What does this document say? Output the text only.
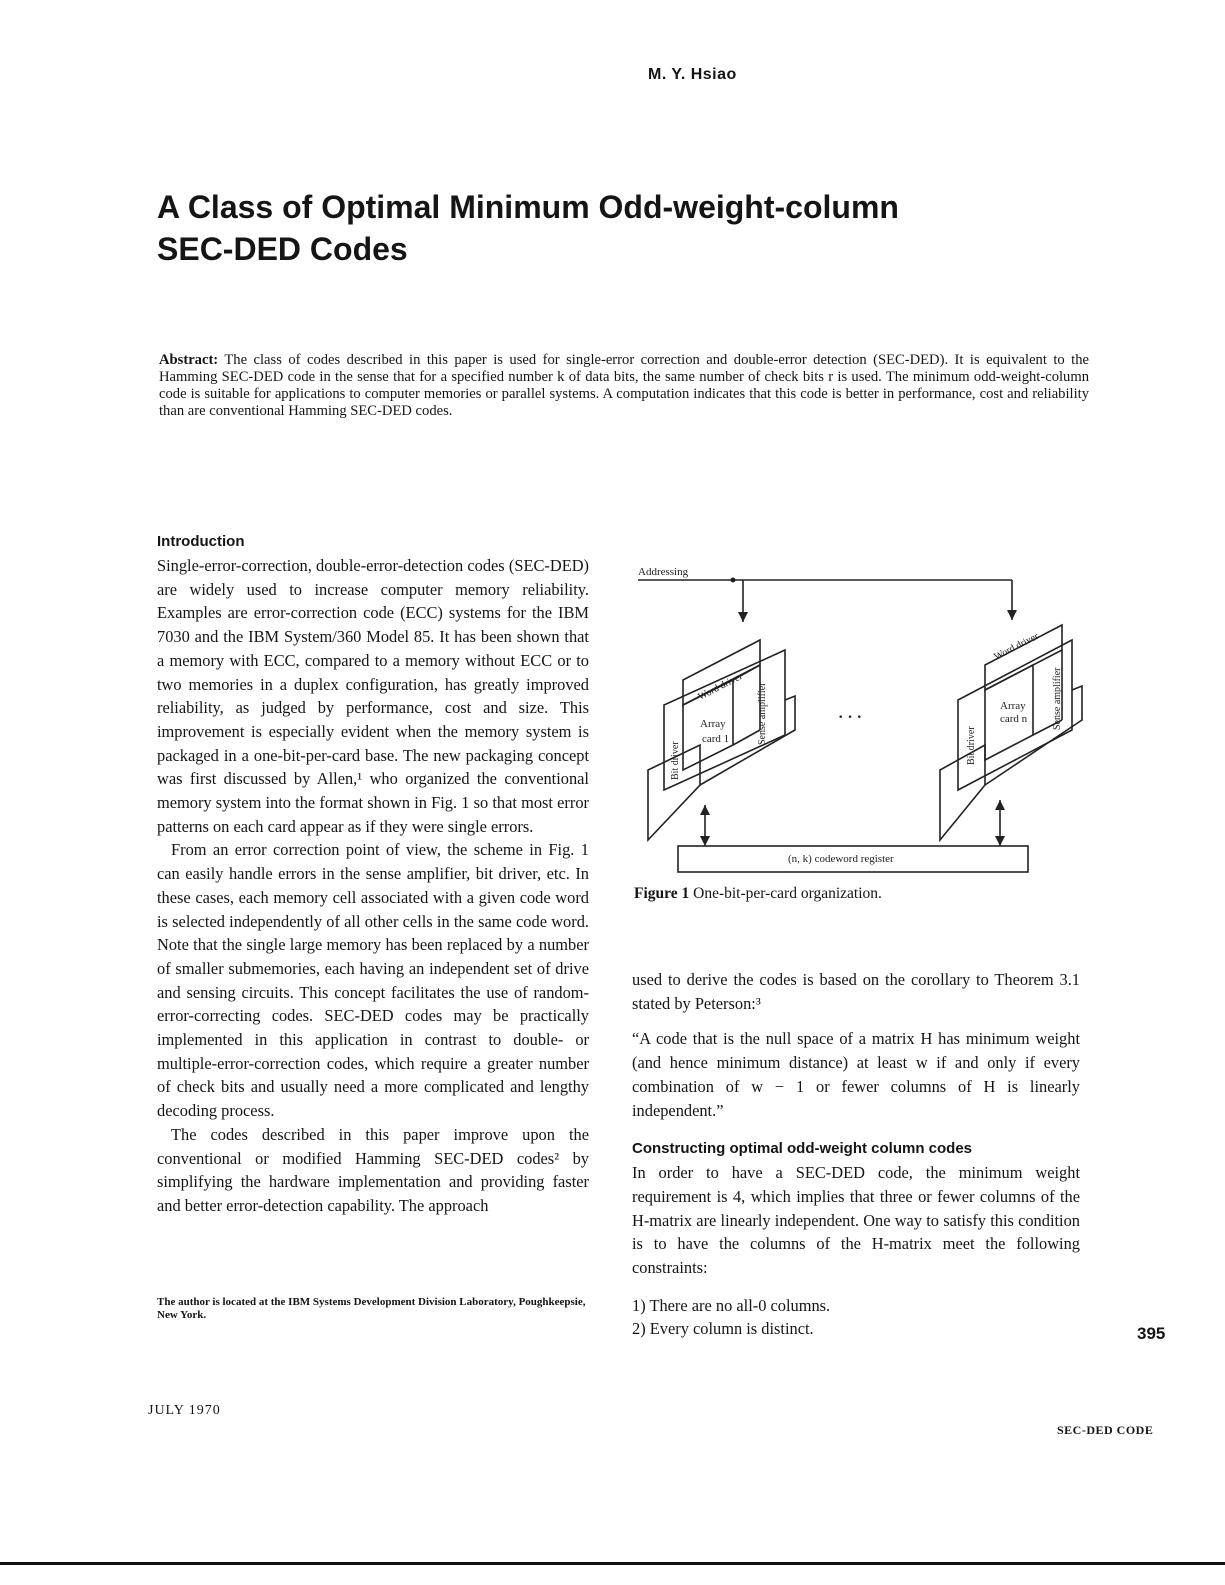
M. Y. Hsiao
A Class of Optimal Minimum Odd-weight-column
SEC-DED Codes
Abstract: The class of codes described in this paper is used for single-error correction and double-error detection (SEC-DED). It is equivalent to the Hamming SEC-DED code in the sense that for a specified number k of data bits, the same number of check bits r is used. The minimum odd-weight-column code is suitable for applications to computer memories or parallel systems. A computation indicates that this code is better in performance, cost and reliability than are conventional Hamming SEC-DED codes.
Introduction

Single-error-correction, double-error-detection codes (SEC-DED) are widely used to increase computer memory reliability. Examples are error-correction code (ECC) systems for the IBM 7030 and the IBM System/360 Model 85. It has been shown that a memory with ECC, compared to a memory without ECC or to two memories in a duplex configuration, has greatly improved reliability, as judged by performance, cost and size. This improvement is especially evident when the memory system is packaged in a one-bit-per-card base. The new packaging concept was first discussed by Allen,¹ who organized the conventional memory system into the format shown in Fig. 1 so that most error patterns on each card appear as if they were single errors.

From an error correction point of view, the scheme in Fig. 1 can easily handle errors in the sense amplifier, bit driver, etc. In these cases, each memory cell associated with a given code word is selected independently of all other cells in the same code word. Note that the single large memory has been replaced by a number of smaller submemories, each having an independent set of drive and sensing circuits. This concept facilitates the use of random-error-correcting codes. SEC-DED codes may be practically implemented in this application in contrast to double- or multiple-error-correction codes, which require a greater number of check bits and usually need a more complicated and lengthy decoding process.

The codes described in this paper improve upon the conventional or modified Hamming SEC-DED codes² by simplifying the hardware implementation and providing faster and better error-detection capability. The approach

The author is located at the IBM Systems Development Division Laboratory, Poughkeepsie, New York.
Addressing
Word driver
Word driver
Bit driver	Bit driver
Sense amplifier	Sense amplifier
Array
card 1
Array
card n
· · ·
(n, k) codeword register
Figure 1 One-bit-per-card organization.

used to derive the codes is based on the corollary to Theorem 3.1 stated by Peterson:³

“A code that is the null space of a matrix H has minimum weight (and hence minimum distance) at least w if and only if every combination of w − 1 or fewer columns of H is linearly independent.”

Constructing optimal odd-weight column codes

In order to have a SEC-DED code, the minimum weight requirement is 4, which implies that three or fewer columns of the H-matrix are linearly independent. One way to satisfy this condition is to have the columns of the H-matrix meet the following constraints:

1) There are no all-0 columns.
2) Every column is distinct.	395
JULY 1970
SEC-DED CODE
